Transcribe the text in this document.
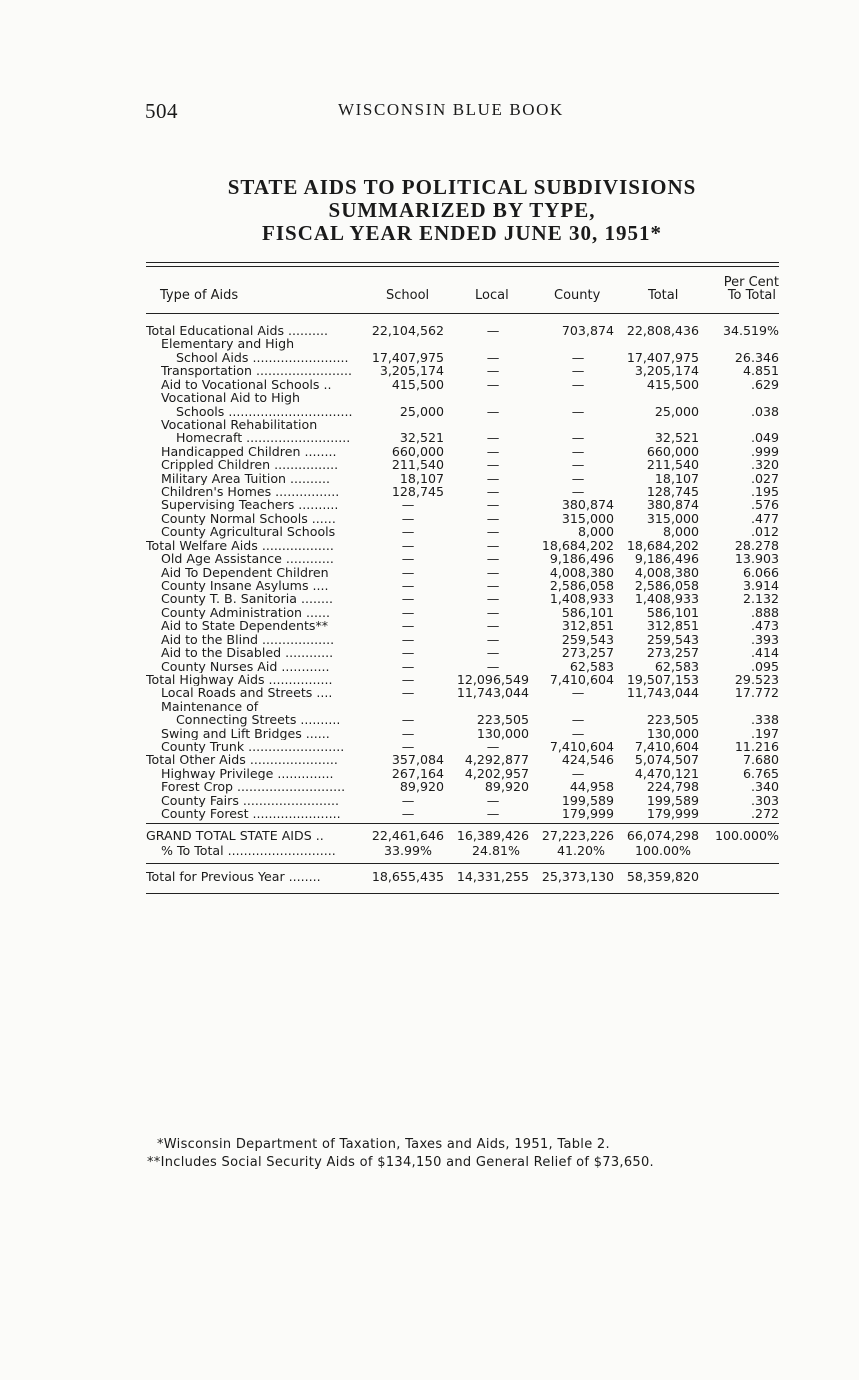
504	WISCONSIN BLUE BOOK
STATE AIDS TO POLITICAL SUBDIVISIONS
SUMMARIZED BY TYPE,
FISCAL YEAR ENDED JUNE 30, 1951*
Type of Aids	School	Local	County	Total
Per Cent
To Total
Total Educational Aids ..........	22,104,562	—	703,874 22,808,436 34.519%
Elementary and High
School Aids ........................	17,407,975	—	—	17,407,975	26.346
Transportation ........................	3,205,174	—	—	3,205,174	4.851
Aid to Vocational Schools ..	415,500	—	—	415,500	.629
Vocational Aid to High
Schools ...............................	25,000	—	—	25,000	.038
Vocational Rehabilitation
Homecraft ..........................	32,521	—	—	32,521	.049
Handicapped Children ........	660,000	—	—	660,000	.999
Crippled Children ................	211,540	—	—	211,540	.320
Military Area Tuition ..........	18,107	—	—	18,107	.027
Children's Homes ................	128,745	—	—	128,745	.195
Supervising Teachers ..........	—	—	380,874	380,874	.576
County Normal Schools ......	—	—	315,000	315,000	.477
County Agricultural Schools	—	—	8,000	8,000	.012
Total Welfare Aids ..................	—	—	18,684,202 18,684,202	28.278
Old Age Assistance ............	—	—	9,186,496 9,186,496	13.903
Aid To Dependent Children	—	—	4,008,380 4,008,380	6.066
County Insane Asylums ....	—	—	2,586,058 2,586,058	3.914
County T. B. Sanitoria ........	—	—	1,408,933 1,408,933	2.132
County Administration ......	—	—	586,101	586,101	.888
Aid to State Dependents**	—	—	312,851	312,851	.473
Aid to the Blind ..................	—	—	259,543	259,543	.393
Aid to the Disabled ............	—	—	273,257	273,257	.414
County Nurses Aid ............	—	—	62,583	62,583	.095
Total Highway Aids ................	—	12,096,549 7,410,604 19,507,153	29.523
Local Roads and Streets ....	—	11,743,044	—	11,743,044	17.772
Maintenance of
Connecting Streets ..........	—	223,505	—	223,505	.338
Swing and Lift Bridges ......	—	130,000	—	130,000	.197
County Trunk ........................	—	—	7,410,604 7,410,604	11.216
Total Other Aids ......................	357,084 4,292,877	424,546 5,074,507	7.680
Highway Privilege ..............	267,164 4,202,957	—	4,470,121	6.765
Forest Crop ...........................	89,920	89,920	44,958	224,798	.340
County Fairs ........................	—	—	199,589	199,589	.303
County Forest ......................	—	—	179,999	179,999	.272
GRAND TOTAL STATE AIDS ..	22,461,646 16,389,426 27,223,226 66,074,298 100.000%
% To Total ...........................	33.99%	24.81%	41.20% 100.00%
Total for Previous Year ........	18,655,435 14,331,255 25,373,130 58,359,820
*Wisconsin Department of Taxation, Taxes and Aids, 1951, Table 2.
**Includes Social Security Aids of $134,150 and General Relief of $73,650.
